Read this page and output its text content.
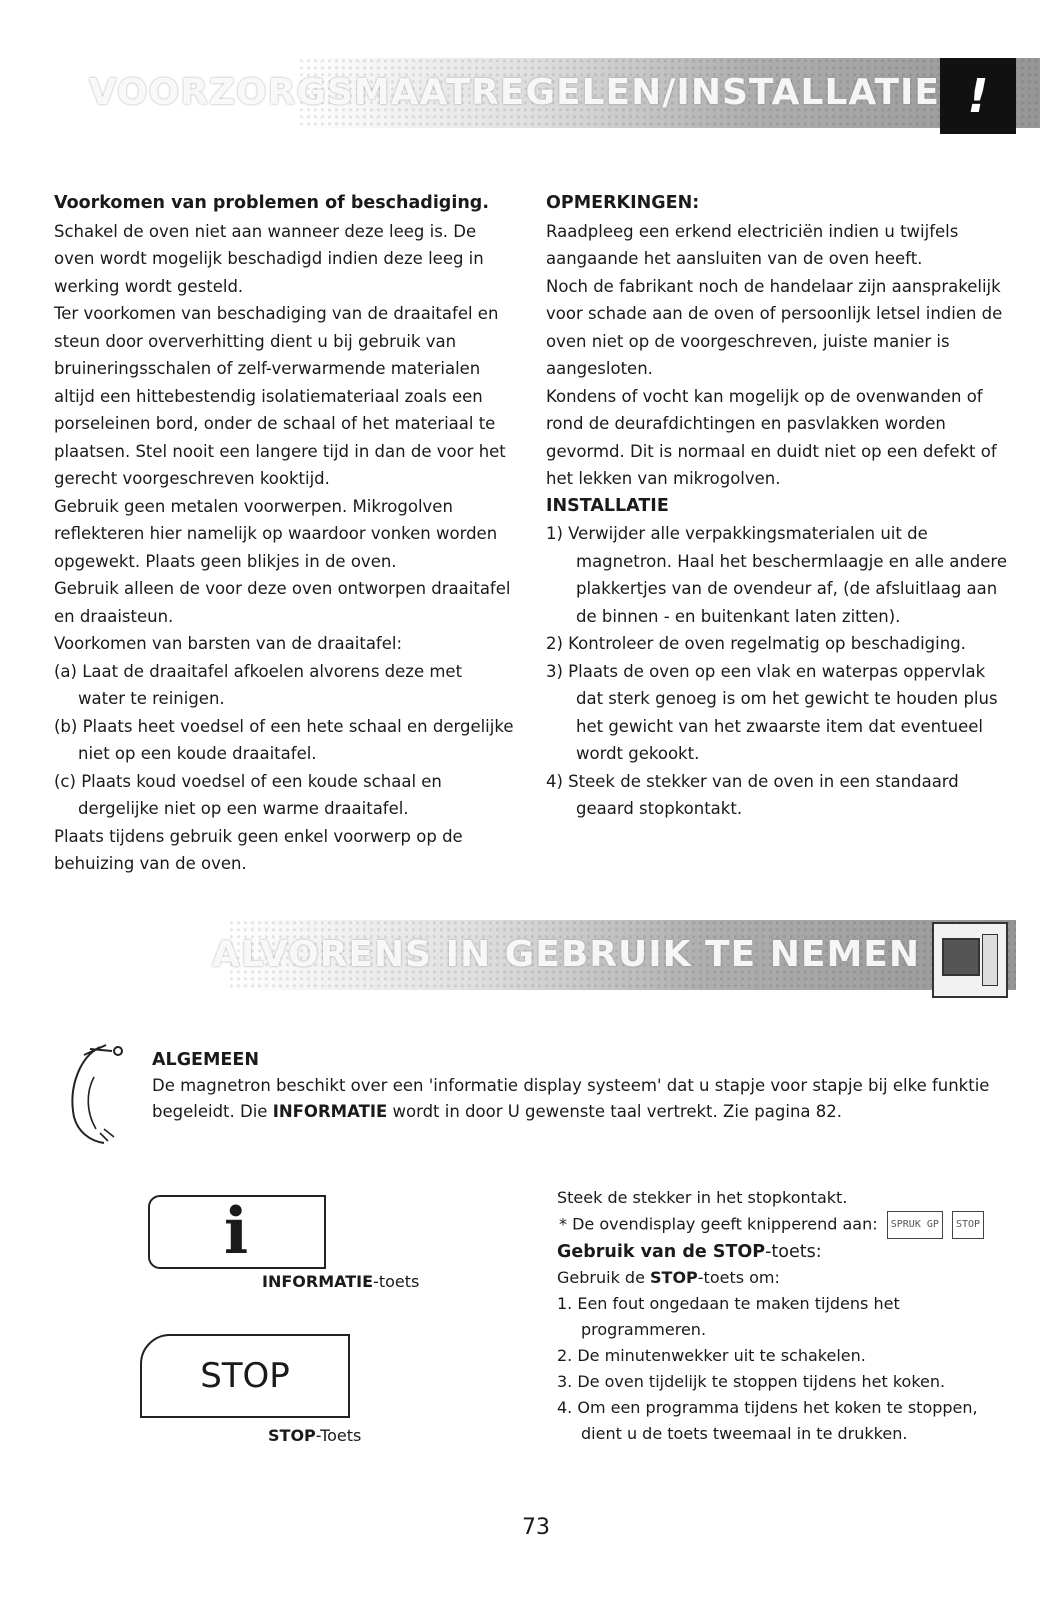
VOORZORGSMAATREGELEN/INSTALLATIE !

Voorkomen van problemen of beschadiging.

Schakel de oven niet aan wanneer deze leeg is. De oven wordt mogelijk beschadigd indien deze leeg in werking wordt gesteld.

Ter voorkomen van beschadiging van de draaitafel en steun door oververhitting dient u bij gebruik van bruineringsschalen of zelf-verwarmende materialen altijd een hittebestendig isolatiemateriaal zoals een porseleinen bord, onder de schaal of het materiaal te plaatsen. Stel nooit een langere tijd in dan de voor het gerecht voorgeschreven kooktijd.

Gebruik geen metalen voorwerpen. Mikrogolven reflekteren hier namelijk op waardoor vonken worden opgewekt. Plaats geen blikjes in de oven.

Gebruik alleen de voor deze oven ontworpen draaitafel en draaisteun.

Voorkomen van barsten van de draaitafel:

(a) Laat de draaitafel afkoelen alvorens deze met water te reinigen.

(b) Plaats heet voedsel of een hete schaal en dergelijke niet op een koude draaitafel.

(c) Plaats koud voedsel of een koude schaal en dergelijke niet op een warme draaitafel.

Plaats tijdens gebruik geen enkel voorwerp op de behuizing van de oven.

OPMERKINGEN:

Raadpleeg een erkend electriciën indien u twijfels aangaande het aansluiten van de oven heeft.

Noch de fabrikant noch de handelaar zijn aansprakelijk voor schade aan de oven of persoonlijk letsel indien de oven niet op de voorgeschreven, juiste manier is aangesloten.

Kondens of vocht kan mogelijk op de ovenwanden of rond de deurafdichtingen en pasvlakken worden gevormd. Dit is normaal en duidt niet op een defekt of het lekken van mikrogolven.

INSTALLATIE

1) Verwijder alle verpakkingsmaterialen uit de magnetron. Haal het beschermlaagje en alle andere plakkertjes van de ovendeur af, (de afsluitlaag aan de binnen - en buitenkant laten zitten).

2) Kontroleer de oven regelmatig op beschadiging.

3) Plaats de oven op een vlak en waterpas oppervlak dat sterk genoeg is om het gewicht te houden plus het gewicht van het zwaarste item dat eventueel wordt gekookt.

4) Steek de stekker van de oven in een standaard geaard stopkontakt.

ALVORENS IN GEBRUIK TE NEMEN

ALGEMEEN

De magnetron beschikt over een 'informatie display systeem' dat u stapje voor stapje bij elke funktie begeleidt. Die INFORMATIE wordt in door U gewenste taal vertrekt. Zie pagina 82.

i
INFORMATIE-toets
STOP
STOP-Toets

Steek de stekker in het stopkontakt.

* De ovendisplay geeft knipperend aan: SPRUK GP STOP

Gebruik van de STOP-toets:

Gebruik de STOP-toets om:

1. Een fout ongedaan te maken tijdens het programmeren.

2. De minutenwekker uit te schakelen.

3. De oven tijdelijk te stoppen tijdens het koken.

4. Om een programma tijdens het koken te stoppen, dient u de toets tweemaal in te drukken.

73
